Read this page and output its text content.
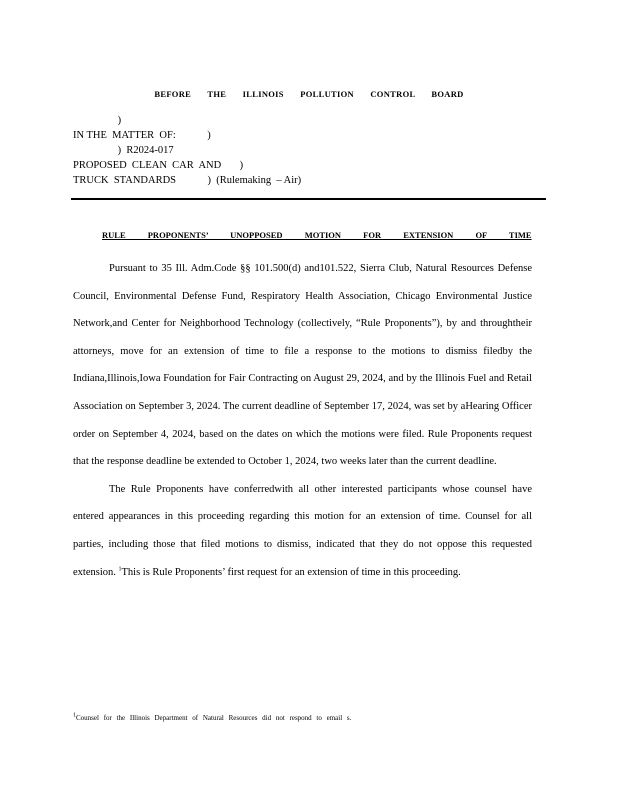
BEFORE THE ILLINOIS POLLUTION CONTROL BOARD
)
IN THE  MATTER  OF:            )
)  R2024-017
PROPOSED  CLEAN  CAR  AND       )
TRUCK  STANDARDS            )  (Rulemaking  – Air)
RULE PROPONENTS’ UNOPPOSED MOTION FOR EXTENSION OF TIME

Pursuant to 35 Ill. Adm.Code §§ 101.500(d) and101.522, Sierra Club, Natural Resources Defense Council, Environmental Defense Fund, Respiratory Health Association, Chicago Environmental Justice Network,and Center for Neighborhood Technology (collectively, “Rule Proponents”), by and throughtheir attorneys, move for an extension of time to file a response to the motions to dismiss filedby the Indiana,Illinois,Iowa Foundation for Fair Contracting on August 29, 2024, and by the Illinois Fuel and Retail Association on September 3, 2024. The current deadline of September 17, 2024, was set by aHearing Officer order on September 4, 2024, based on the dates on which the motions were filed. Rule Proponents request that the response deadline be extended to October 1, 2024, two weeks later than the current deadline.

The Rule Proponents have conferredwith all other interested participants whose counsel have entered appearances in this proceeding regarding this motion for an extension of time. Counsel for all parties, including those that filed motions to dismiss, indicated that they do not oppose this requested extension. $^1$This is Rule Proponents’ first request for an extension of time in this proceeding.

$^1$Counsel for the Illinois Department of Natural Resources did not respond to email s.
